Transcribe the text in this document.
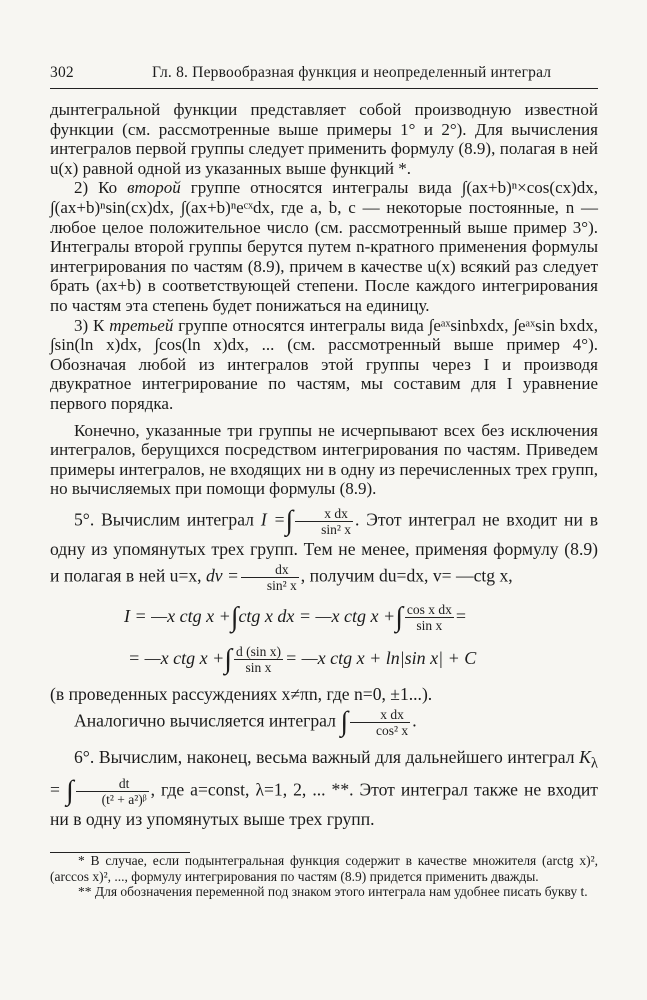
302	Гл. 8. Первообразная функция и неопределенный интеграл

дынтегральной функции представляет собой производную известной функции (см. рассмотренные выше примеры 1° и 2°). Для вычисления интегралов первой группы следует применить формулу (8.9), полагая в ней u(x) равной одной из указанных выше функций *.

2) Ко второй группе относятся интегралы вида ∫(ax+b)ⁿ×cos(cx)dx, ∫(ax+b)ⁿsin(cx)dx, ∫(ax+b)ⁿeᶜˣdx, где a, b, c — некоторые постоянные, n — любое целое положительное число (см. рассмотренный выше пример 3°). Интегралы второй группы берутся путем n-кратного применения формулы интегрирования по частям (8.9), причем в качестве u(x) всякий раз следует брать (ax+b) в соответствующей степени. После каждого интегрирования по частям эта степень будет понижаться на единицу.

3) К третьей группе относятся интегралы вида ∫eᵃˣsinbxdx, ∫eᵃˣsin bxdx, ∫sin(ln x)dx, ∫cos(ln x)dx, ... (см. рассмотренный выше пример 4°). Обозначая любой из интегралов этой группы через I и производя двукратное интегрирование по частям, мы составим для I уравнение первого порядка.

Конечно, указанные три группы не исчерпывают всех без исключения интегралов, берущихся посредством интегрирования по частям. Приведем примеры интегралов, не входящих ни в одну из перечисленных трех групп, но вычисляемых при помощи формулы (8.9).

5°. Вычислим интеграл I =∫ $\frac{\text{x dx}}{\text{sin² x}}$ . Этот интеграл не входит ни в одну из упомянутых трех групп. Тем не менее, применяя формулу (8.9) и полагая в ней u=x, dv = $\frac{dx}{\text{sin² x}}$ , получим du=dx, v= —ctg x,

I = —x ctg x +∫ctg x dx = —x ctg x +∫ $\frac{\text{cos x dx}}{\text{sin x}}$ =
= —x ctg x +∫ $\frac{\text{d (sin x)}}{\text{sin x}}$ = —x ctg x + ln|sin x| + C

(в проведенных рассуждениях x≠πn, где n=0, ±1...).

Аналогично вычисляется интеграл ∫ $\frac{\text{x dx}}{\text{cos² x}}$ .

6°. Вычислим, наконец, весьма важный для дальнейшего интеграл $K_\lambda$ = ∫ $\frac{dt}{\text{(t² + a²)ᵝ}}$ , где a=const, λ=1, 2, ... **. Этот интеграл также не входит ни в одну из упомянутых выше трех групп.

* В случае, если подынтегральная функция содержит в качестве множителя (arctg x)², (arccos x)², ..., формулу интегрирования по частям (8.9) придется применить дважды.

** Для обозначения переменной под знаком этого интеграла нам удобнее писать букву t.
